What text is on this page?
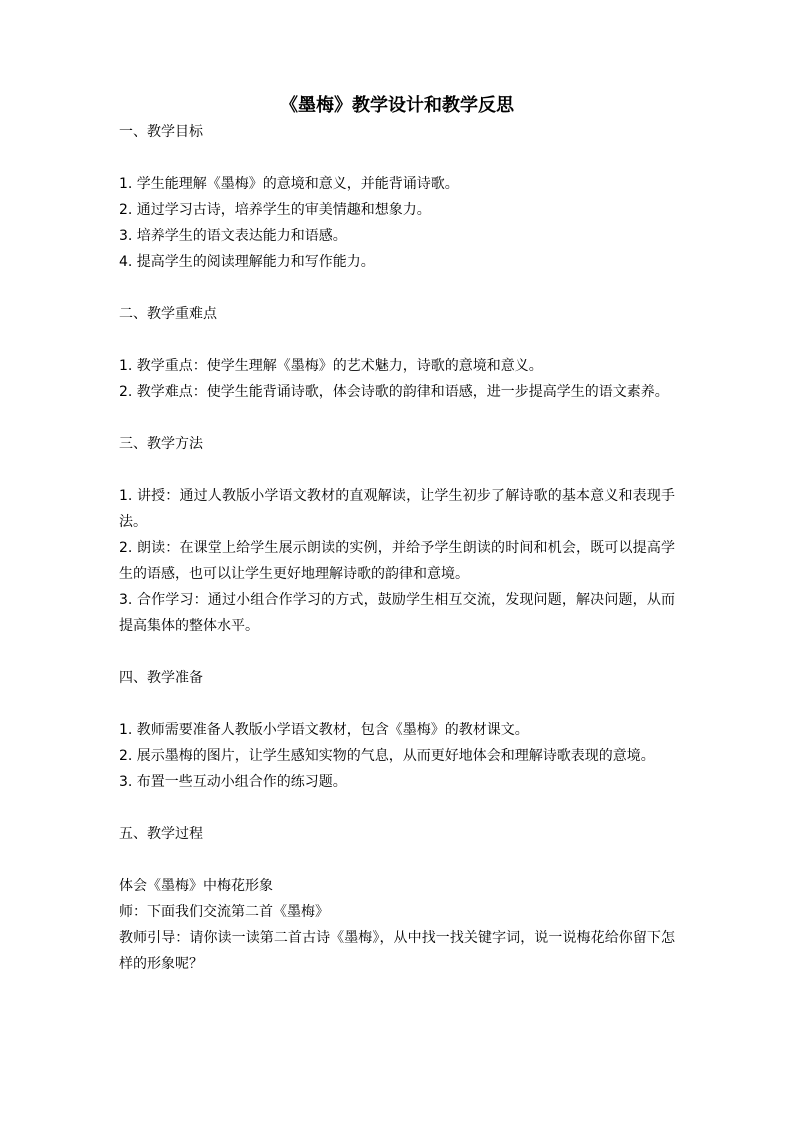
《墨梅》教学设计和教学反思
一、教学目标

1. 学生能理解《墨梅》的意境和意义，并能背诵诗歌。

2. 通过学习古诗，培养学生的审美情趣和想象力。

3. 培养学生的语文表达能力和语感。

4. 提高学生的阅读理解能力和写作能力。

二、教学重难点

1. 教学重点：使学生理解《墨梅》的艺术魅力，诗歌的意境和意义。

2. 教学难点：使学生能背诵诗歌，体会诗歌的韵律和语感，进一步提高学生的语文素养。

三、教学方法

1. 讲授：通过人教版小学语文教材的直观解读，让学生初步了解诗歌的基本意义和表现手法。

2. 朗读：在课堂上给学生展示朗读的实例，并给予学生朗读的时间和机会，既可以提高学生的语感，也可以让学生更好地理解诗歌的韵律和意境。

3. 合作学习：通过小组合作学习的方式，鼓励学生相互交流，发现问题，解决问题，从而提高集体的整体水平。

四、教学准备

1. 教师需要准备人教版小学语文教材，包含《墨梅》的教材课文。

2. 展示墨梅的图片，让学生感知实物的气息，从而更好地体会和理解诗歌表现的意境。

3. 布置一些互动小组合作的练习题。

五、教学过程

体会《墨梅》中梅花形象

师：下面我们交流第二首《墨梅》

教师引导：请你读一读第二首古诗《墨梅》，从中找一找关键字词，说一说梅花给你留下怎样的形象呢？
